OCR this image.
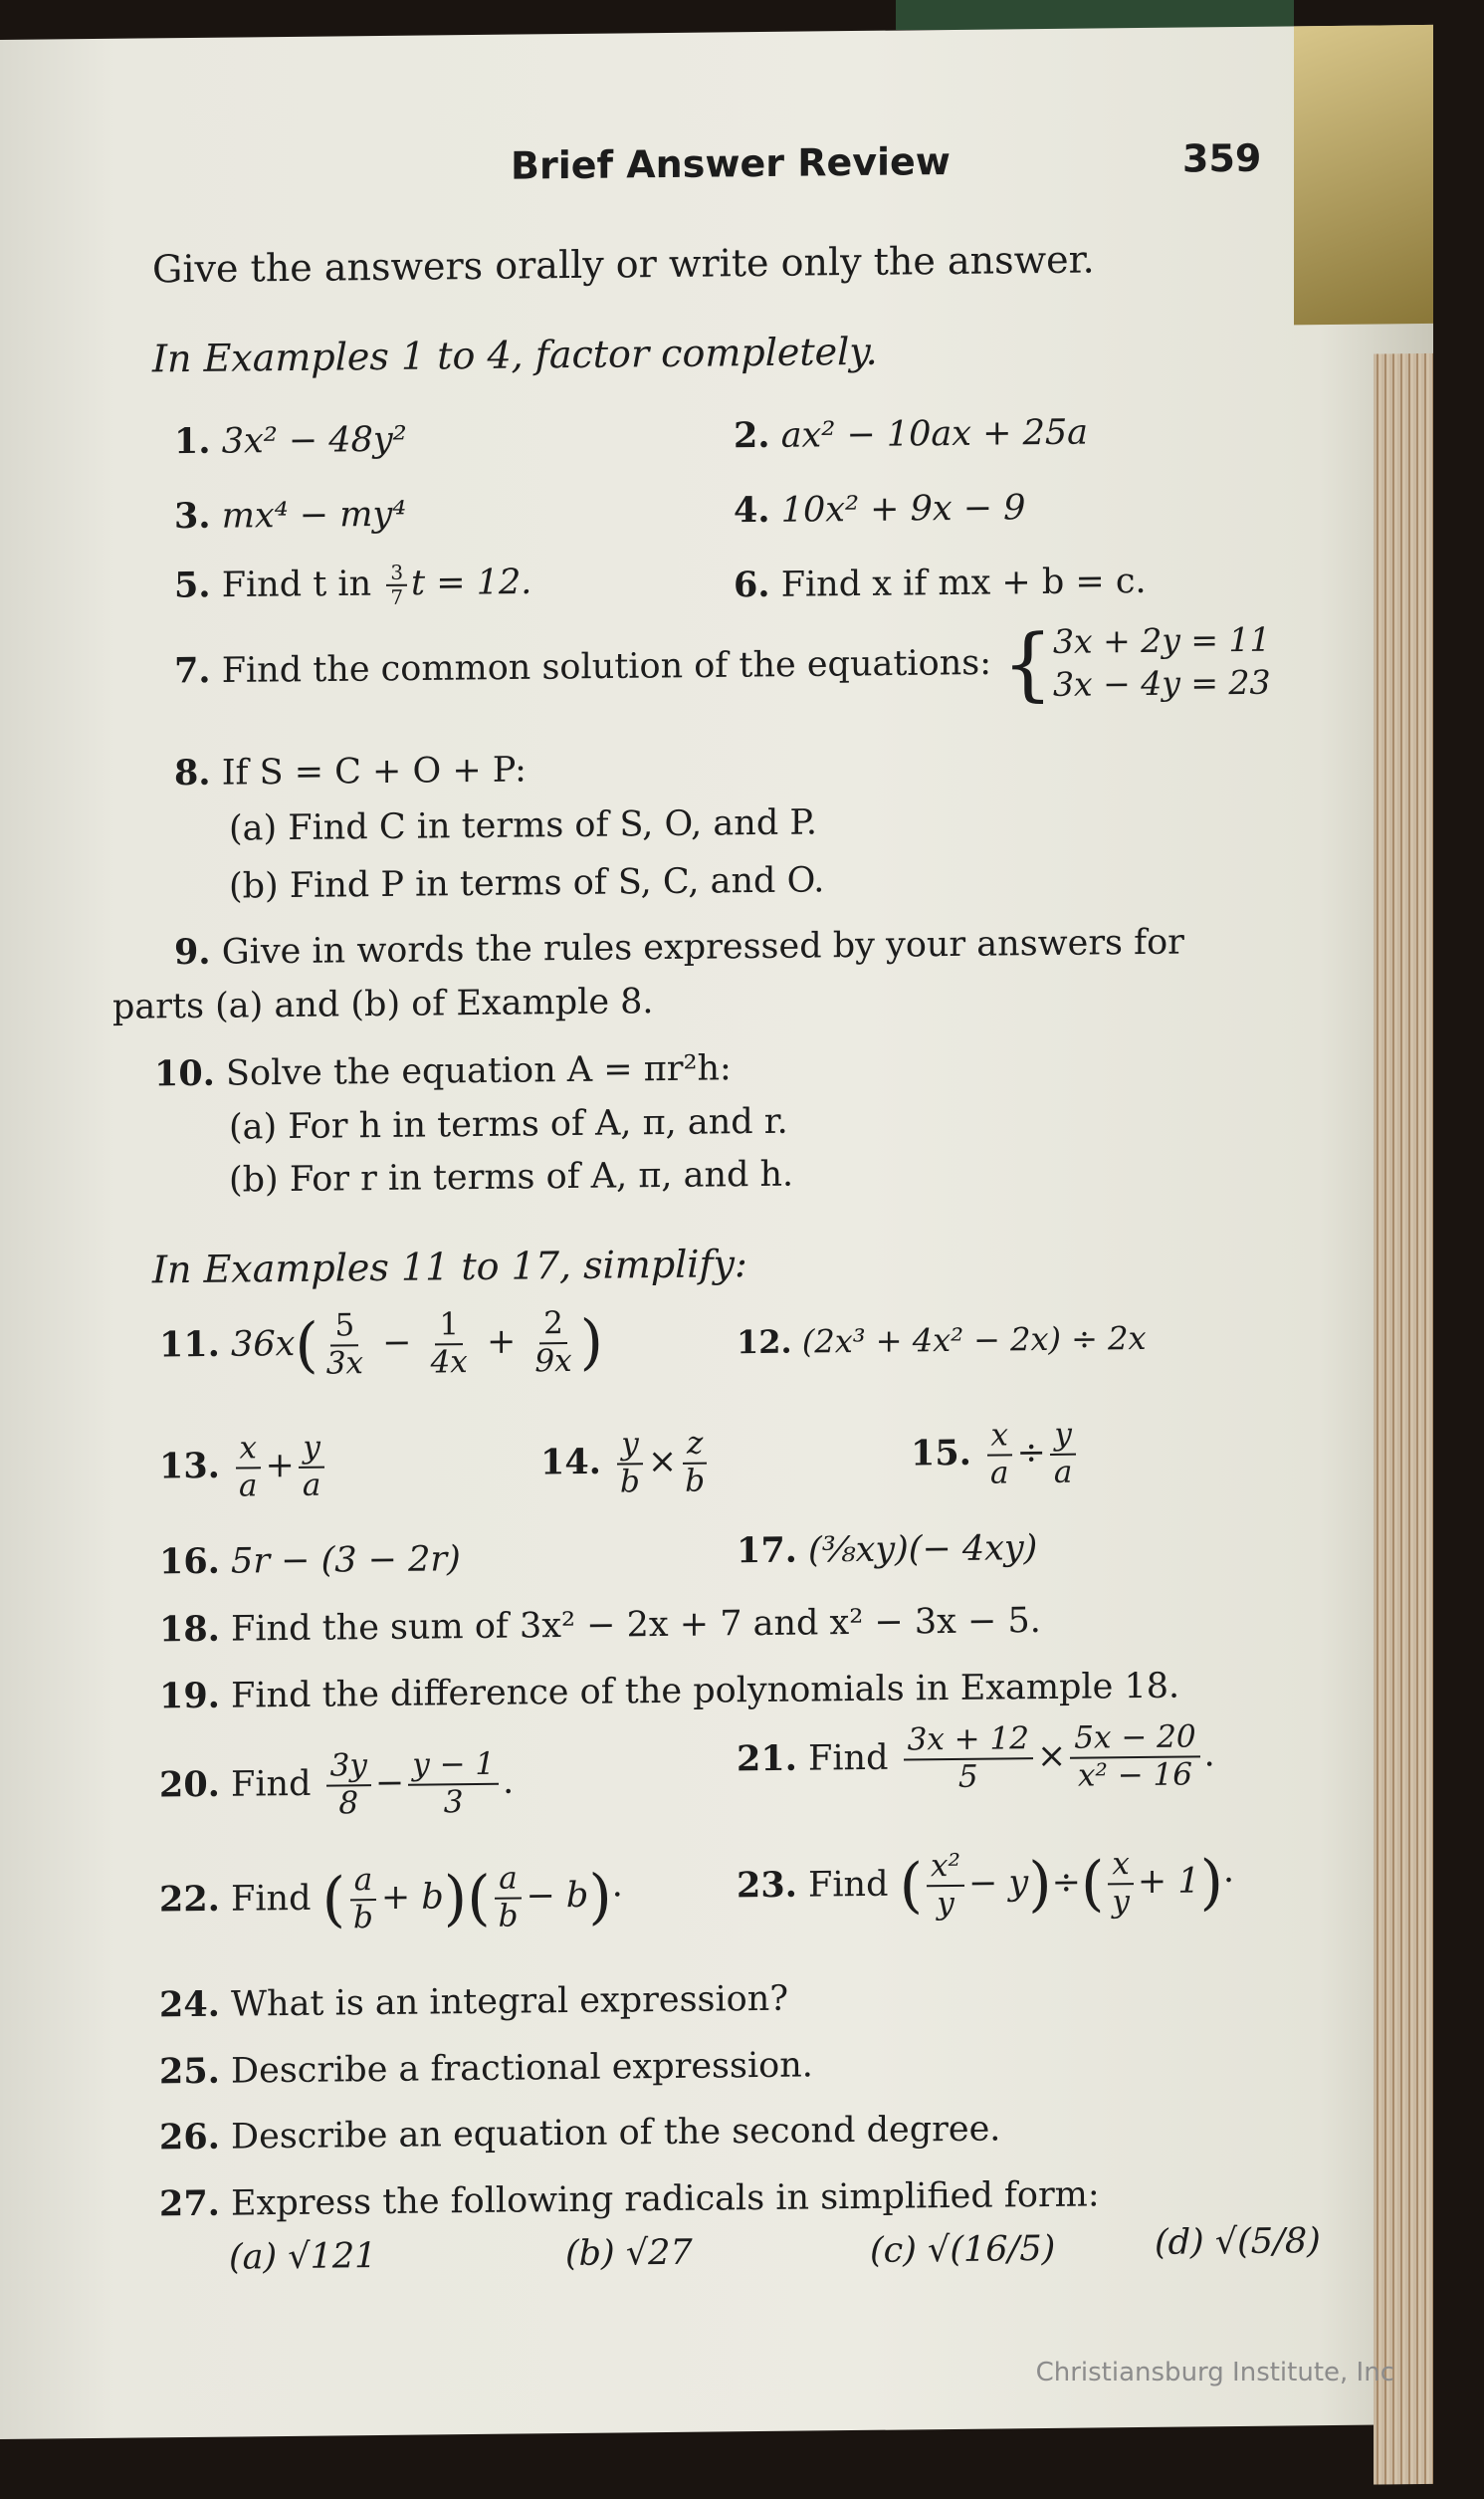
Brief Answer Review	359
Give the answers orally or write only the answer.
In Examples 1 to 4, factor completely.
1. 3x² − 48y²	2. ax² − 10ax + 25a
3. mx⁴ − my⁴	4. 10x² + 9x − 9
5. Find t in $\frac{3}{7}$ t = 12.	6. Find x if mx + b = c.
7. Find the common solution of the equations: { 3x + 2y = 11
3x − 4y = 23
8. If S = C + O + P:
(a) Find C in terms of S, O, and P.
(b) Find P in terms of S, C, and O.
9. Give in words the rules expressed by your answers for
parts (a) and (b) of Example 8.
10. Solve the equation A = πr²h:
(a) For h in terms of A, π, and r.
(b) For r in terms of A, π, and h.
In Examples 11 to 17, simplify:
11. $36x( \frac{5}{3x} - \frac{1}{4x} + \frac{2}{9x}$ )	12. (2x³ + 4x² − 2x) ÷ 2x
13. $\frac{x}{a} + \frac{y}{a}$	14. $\frac{y}{b} \times \frac{z}{b}$	15. $\frac{x}{a} \div \frac{y}{a}$
16. 5r − (3 − 2r)	17. (⅜xy)(− 4xy)
18. Find the sum of 3x² − 2x + 7 and x² − 3x − 5.
19. Find the difference of the polynomials in Example 18.
20. Find $\frac{3y}{8} - \frac{y - 1}{3}$ .
21. Find $\frac{3x + 12}{5} \times \frac{5x - 20}{\text{x² − 16}}$ .
22. Find ( $\frac{a}{b} + b)( \frac{a}{b} - b)\cdot$	23. Find ( $\frac{\text{x²}}{y} - y)\div( \frac{x}{y} + 1)\cdot$
24. What is an integral expression?
25. Describe a fractional expression.
26. Describe an equation of the second degree.
27. Express the following radicals in simplified form:
(a) √121	(b) √27	(c) √(16/5)	(d) √(5/8)
Christiansburg Institute, Inc
